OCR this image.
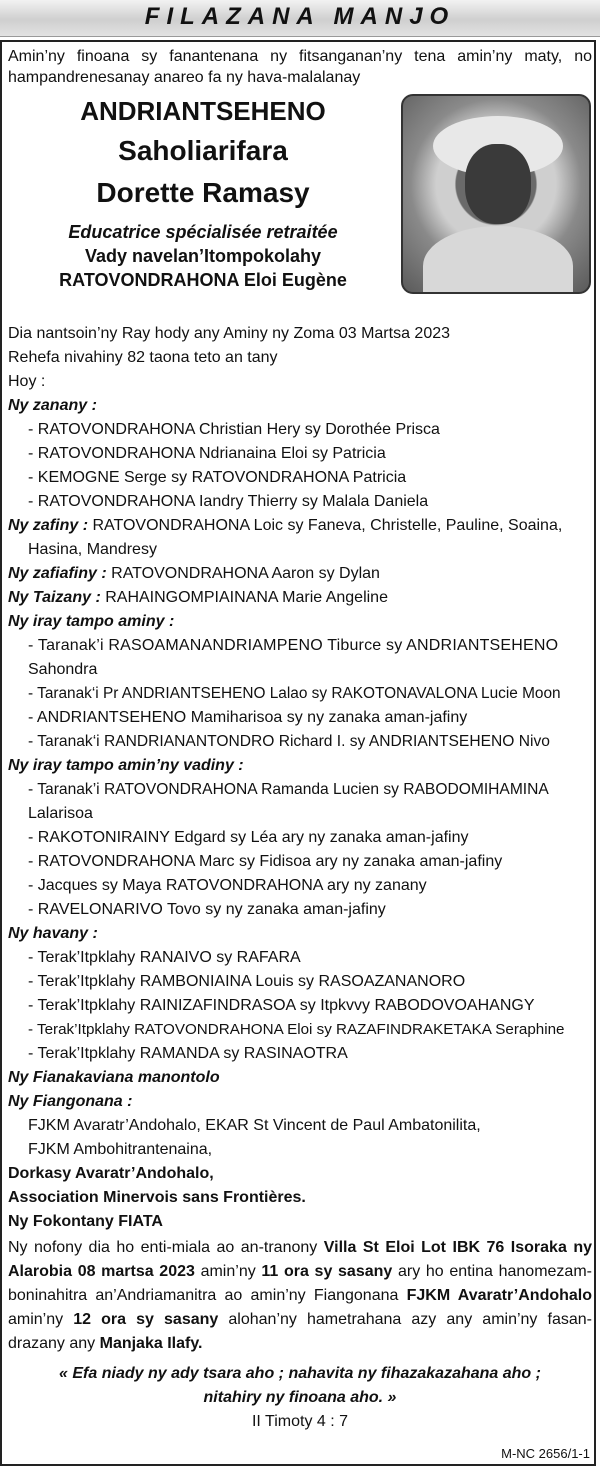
FILAZANA MANJO
Amin’ny finoana sy fanantenana ny fitsanganan’ny tena amin’ny maty, no hampandrenesanay anareo fa ny hava-malalanay
ANDRIANTSEHENO
Saholiarifara
Dorette Ramasy
Educatrice spécialisée retraitée
Vady navelan’Itompokolahy
RATOVONDRAHONA Eloi Eugène
Dia nantsoin’ny Ray hody any Aminy ny Zoma 03 Martsa 2023
Rehefa nivahiny 82 taona teto an tany
Hoy :
Ny zanany :
- RATOVONDRAHONA Christian Hery sy Dorothée Prisca
- RATOVONDRAHONA Ndrianaina Eloi sy Patricia
- KEMOGNE Serge sy RATOVONDRAHONA Patricia
- RATOVONDRAHONA Iandry Thierry sy Malala Daniela
Ny zafiny : RATOVONDRAHONA Loic sy Faneva, Christelle, Pauline, Soaina,
Hasina, Mandresy
Ny zafiafiny : RATOVONDRAHONA Aaron sy Dylan
Ny Taizany : RAHAINGOMPIAINANA Marie Angeline
Ny iray tampo aminy :
- Taranak’i RASOAMANANDRIAMPENO Tiburce sy ANDRIANTSEHENO
Sahondra
- Taranak‘i Pr ANDRIANTSEHENO Lalao sy RAKOTONAVALONA Lucie Moon
- ANDRIANTSEHENO Mamiharisoa sy ny zanaka aman-jafiny
- Taranak‘i RANDRIANANTONDRO Richard I. sy ANDRIANTSEHENO Nivo
Ny iray tampo amin’ny vadiny :
- Taranak’i RATOVONDRAHONA Ramanda Lucien sy RABODOMIHAMINA
Lalarisoa
- RAKOTONIRAINY Edgard sy Léa ary ny zanaka aman-jafiny
- RATOVONDRAHONA Marc sy Fidisoa ary ny zanaka aman-jafiny
- Jacques sy Maya RATOVONDRAHONA ary ny zanany
- RAVELONARIVO Tovo sy ny zanaka aman-jafiny
Ny havany :
- Terak’Itpklahy RANAIVO sy RAFARA
- Terak’Itpklahy RAMBONIAINA Louis sy RASOAZANANORO
- Terak’Itpklahy RAINIZAFINDRASOA sy Itpkvvy RABODOVOAHANGY
- Terak’Itpklahy RATOVONDRAHONA Eloi sy RAZAFINDRAKETAKA Seraphine
- Terak’Itpklahy RAMANDA sy RASINAOTRA
Ny Fianakaviana manontolo
Ny Fiangonana :
FJKM Avaratr’Andohalo, EKAR St Vincent de Paul Ambatonilita,
FJKM Ambohitrantenaina,
Dorkasy Avaratr’Andohalo,
Association Minervois sans Frontières.
Ny Fokontany FIATA
Ny nofony dia ho enti-miala ao an-tranony Villa St Eloi Lot IBK 76 Isoraka ny Alarobia 08 martsa 2023 amin’ny 11 ora sy sasany ary ho entina hanomezam-boninahitra an’Andriamanitra ao amin’ny Fiangonana FJKM Avaratr’Andohalo amin’ny 12 ora sy sasany alohan’ny hametrahana azy any amin’ny fasan-drazany any Manjaka Ilafy.
« Efa niady ny ady tsara aho ; nahavita ny fihazakazahana aho ;
nitahiry ny finoana aho. »
II Timoty 4 : 7
M-NC 2656/1-1
